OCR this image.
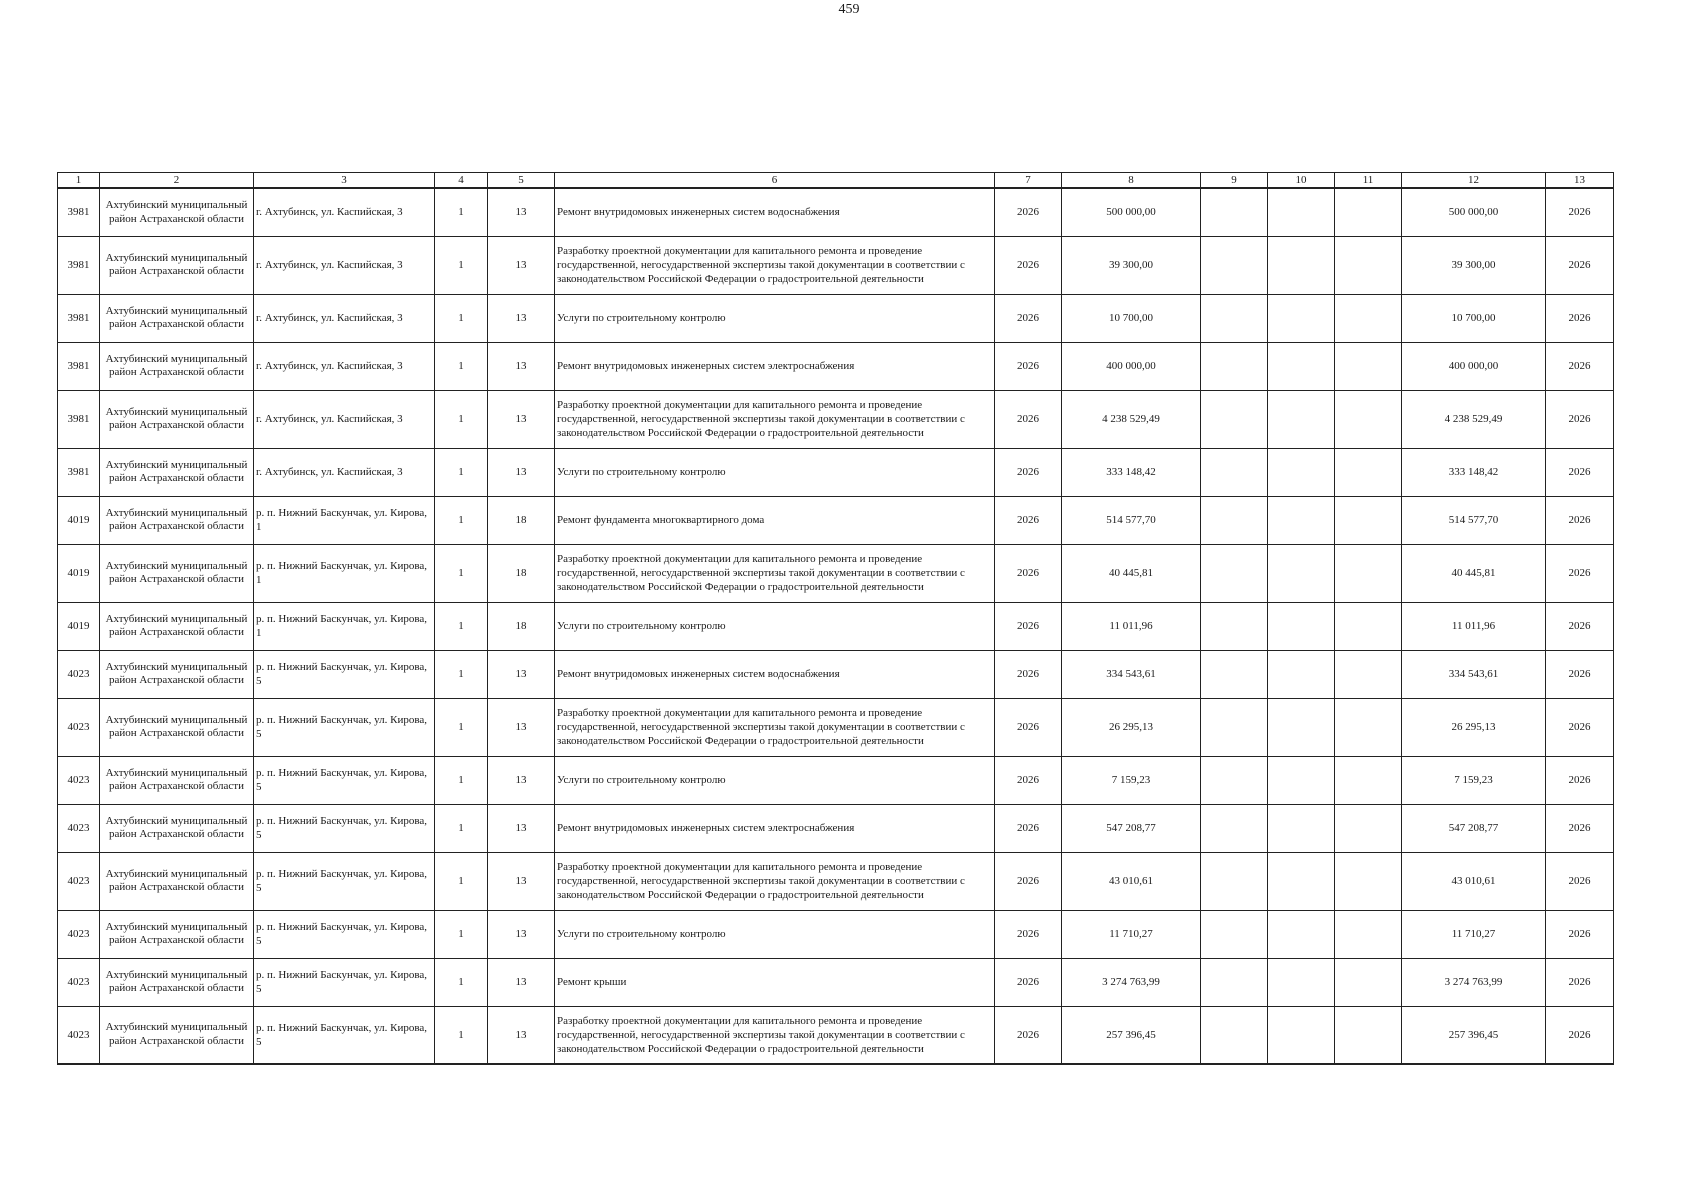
459
1	2	3	4	5	6	7	8	9	10	11	12	13
3981	Ахтубинский муниципальный район Астраханской области	г. Ахтубинск, ул. Каспийская, 3	1	13	Ремонт внутридомовых инженерных систем водоснабжения	2026	500 000,00				500 000,00	2026
3981	Ахтубинский муниципальный район Астраханской области	г. Ахтубинск, ул. Каспийская, 3	1	13	Разработку проектной документации для капитального ремонта и проведение государственной, негосударственной экспертизы такой документации в соответствии с законодательством Российской Федерации о градостроительной деятельности	2026	39 300,00				39 300,00	2026
3981	Ахтубинский муниципальный район Астраханской области	г. Ахтубинск, ул. Каспийская, 3	1	13	Услуги по строительному контролю	2026	10 700,00				10 700,00	2026
3981	Ахтубинский муниципальный район Астраханской области	г. Ахтубинск, ул. Каспийская, 3	1	13	Ремонт внутридомовых инженерных систем электроснабжения	2026	400 000,00				400 000,00	2026
3981	Ахтубинский муниципальный район Астраханской области	г. Ахтубинск, ул. Каспийская, 3	1	13	Разработку проектной документации для капитального ремонта и проведение государственной, негосударственной экспертизы такой документации в соответствии с законодательством Российской Федерации о градостроительной деятельности	2026	4 238 529,49				4 238 529,49	2026
3981	Ахтубинский муниципальный район Астраханской области	г. Ахтубинск, ул. Каспийская, 3	1	13	Услуги по строительному контролю	2026	333 148,42				333 148,42	2026
4019	Ахтубинский муниципальный район Астраханской области	р. п. Нижний Баскунчак, ул. Кирова, 1	1	18	Ремонт фундамента многоквартирного дома	2026	514 577,70				514 577,70	2026
4019	Ахтубинский муниципальный район Астраханской области	р. п. Нижний Баскунчак, ул. Кирова, 1	1	18	Разработку проектной документации для капитального ремонта и проведение государственной, негосударственной экспертизы такой документации в соответствии с законодательством Российской Федерации о градостроительной деятельности	2026	40 445,81				40 445,81	2026
4019	Ахтубинский муниципальный район Астраханской области	р. п. Нижний Баскунчак, ул. Кирова, 1	1	18	Услуги по строительному контролю	2026	11 011,96				11 011,96	2026
4023	Ахтубинский муниципальный район Астраханской области	р. п. Нижний Баскунчак, ул. Кирова, 5	1	13	Ремонт внутридомовых инженерных систем водоснабжения	2026	334 543,61				334 543,61	2026
4023	Ахтубинский муниципальный район Астраханской области	р. п. Нижний Баскунчак, ул. Кирова, 5	1	13	Разработку проектной документации для капитального ремонта и проведение государственной, негосударственной экспертизы такой документации в соответствии с законодательством Российской Федерации о градостроительной деятельности	2026	26 295,13				26 295,13	2026
4023	Ахтубинский муниципальный район Астраханской области	р. п. Нижний Баскунчак, ул. Кирова, 5	1	13	Услуги по строительному контролю	2026	7 159,23				7 159,23	2026
4023	Ахтубинский муниципальный район Астраханской области	р. п. Нижний Баскунчак, ул. Кирова, 5	1	13	Ремонт внутридомовых инженерных систем электроснабжения	2026	547 208,77				547 208,77	2026
4023	Ахтубинский муниципальный район Астраханской области	р. п. Нижний Баскунчак, ул. Кирова, 5	1	13	Разработку проектной документации для капитального ремонта и проведение государственной, негосударственной экспертизы такой документации в соответствии с законодательством Российской Федерации о градостроительной деятельности	2026	43 010,61				43 010,61	2026
4023	Ахтубинский муниципальный район Астраханской области	р. п. Нижний Баскунчак, ул. Кирова, 5	1	13	Услуги по строительному контролю	2026	11 710,27				11 710,27	2026
4023	Ахтубинский муниципальный район Астраханской области	р. п. Нижний Баскунчак, ул. Кирова, 5	1	13	Ремонт крыши	2026	3 274 763,99				3 274 763,99	2026
4023	Ахтубинский муниципальный район Астраханской области	р. п. Нижний Баскунчак, ул. Кирова, 5	1	13	Разработку проектной документации для капитального ремонта и проведение государственной, негосударственной экспертизы такой документации в соответствии с законодательством Российской Федерации о градостроительной деятельности	2026	257 396,45				257 396,45	2026
